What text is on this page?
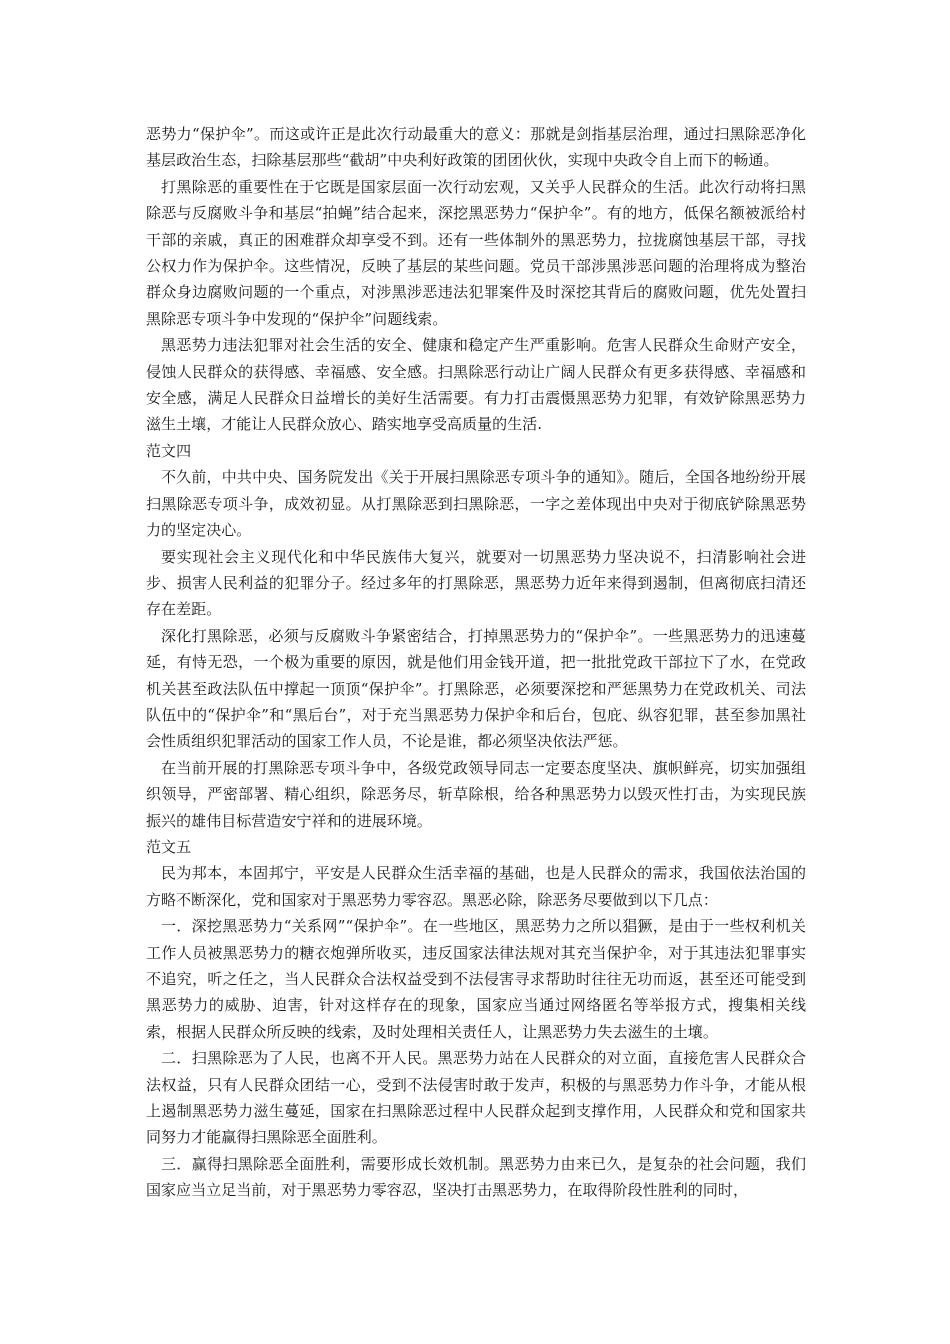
恶势力“保护伞”。而这或许正是此次行动最重大的意义：那就是剑指基层治理，通过扫黑除恶净化基层政治生态，扫除基层那些“截胡”中央利好政策的团团伙伙，实现中央政令自上而下的畅通。

打黑除恶的重要性在于它既是国家层面一次行动宏观，又关乎人民群众的生活。此次行动将扫黑除恶与反腐败斗争和基层“拍蝇”结合起来，深挖黑恶势力“保护伞”。有的地方，低保名额被派给村干部的亲戚，真正的困难群众却享受不到。还有一些体制外的黑恶势力，拉拢腐蚀基层干部，寻找公权力作为保护伞。这些情况，反映了基层的某些问题。党员干部涉黑涉恶问题的治理将成为整治群众身边腐败问题的一个重点，对涉黑涉恶违法犯罪案件及时深挖其背后的腐败问题，优先处置扫黑除恶专项斗争中发现的“保护伞”问题线索。

黑恶势力违法犯罪对社会生活的安全、健康和稳定产生严重影响。危害人民群众生命财产安全，侵蚀人民群众的获得感、幸福感、安全感。扫黑除恶行动让广阔人民群众有更多获得感、幸福感和安全感，满足人民群众日益增长的美好生活需要。有力打击震慑黑恶势力犯罪，有效铲除黑恶势力滋生土壤，才能让人民群众放心、踏实地享受高质量的生活.

范文四

不久前，中共中央、国务院发出《关于开展扫黑除恶专项斗争的通知》。随后，全国各地纷纷开展扫黑除恶专项斗争，成效初显。从打黑除恶到扫黑除恶，一字之差体现出中央对于彻底铲除黑恶势力的坚定决心。

要实现社会主义现代化和中华民族伟大复兴，就要对一切黑恶势力坚决说不，扫清影响社会进步、损害人民利益的犯罪分子。经过多年的打黑除恶，黑恶势力近年来得到遏制，但离彻底扫清还存在差距。

深化打黑除恶，必须与反腐败斗争紧密结合，打掉黑恶势力的“保护伞”。一些黑恶势力的迅速蔓延，有恃无恐，一个极为重要的原因，就是他们用金钱开道，把一批批党政干部拉下了水，在党政机关甚至政法队伍中撑起一顶顶“保护伞”。打黑除恶，必须要深挖和严惩黑势力在党政机关、司法队伍中的“保护伞”和“黑后台”，对于充当黑恶势力保护伞和后台，包庇、纵容犯罪，甚至参加黑社会性质组织犯罪活动的国家工作人员，不论是谁，都必须坚决依法严惩。

在当前开展的打黑除恶专项斗争中，各级党政领导同志一定要态度坚决、旗帜鲜亮，切实加强组织领导，严密部署、精心组织，除恶务尽，斩草除根，给各种黑恶势力以毁灭性打击，为实现民族振兴的雄伟目标营造安宁祥和的进展环境。

范文五

民为邦本，本固邦宁，平安是人民群众生活幸福的基础，也是人民群众的需求，我国依法治国的方略不断深化，党和国家对于黑恶势力零容忍。黑恶必除，除恶务尽要做到以下几点：

一．深挖黑恶势力“关系网”“保护伞”。在一些地区，黑恶势力之所以猖獗，是由于一些权利机关工作人员被黑恶势力的糖衣炮弹所收买，违反国家法律法规对其充当保护伞，对于其违法犯罪事实不追究，听之任之，当人民群众合法权益受到不法侵害寻求帮助时往往无功而返，甚至还可能受到黑恶势力的威胁、迫害，针对这样存在的现象，国家应当通过网络匿名等举报方式，搜集相关线索，根据人民群众所反映的线索，及时处理相关责任人，让黑恶势力失去滋生的土壤。

二．扫黑除恶为了人民，也离不开人民。黑恶势力站在人民群众的对立面，直接危害人民群众合法权益，只有人民群众团结一心，受到不法侵害时敢于发声，积极的与黑恶势力作斗争，才能从根上遏制黑恶势力滋生蔓延，国家在扫黑除恶过程中人民群众起到支撑作用，人民群众和党和国家共同努力才能赢得扫黑除恶全面胜利。

三．赢得扫黑除恶全面胜利，需要形成长效机制。黑恶势力由来已久，是复杂的社会问题，我们国家应当立足当前，对于黑恶势力零容忍，坚决打击黑恶势力，在取得阶段性胜利的同时，
